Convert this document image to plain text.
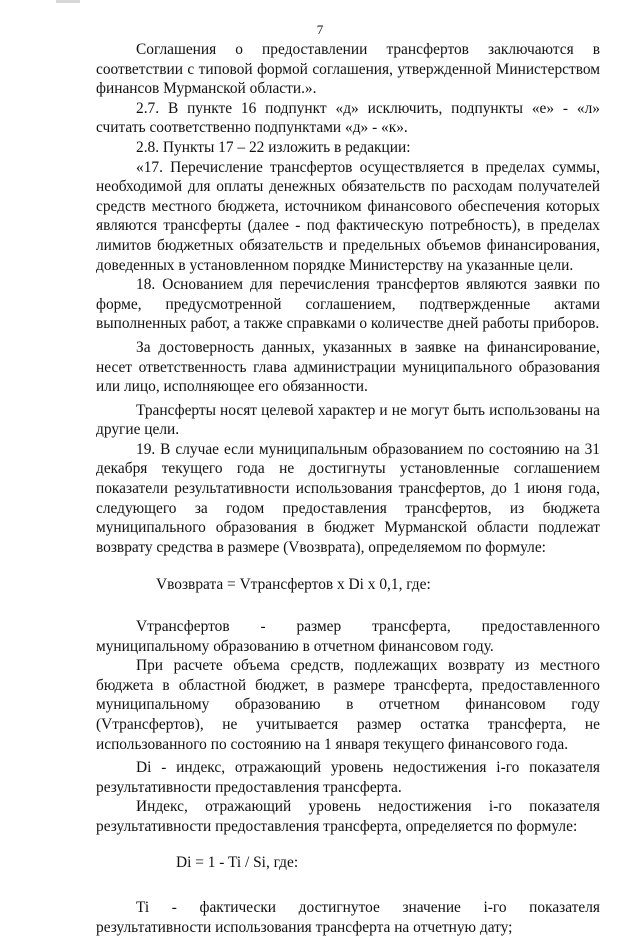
7

Соглашения о предоставлении трансфертов заключаются в соответствии с типовой формой соглашения, утвержденной Министерством финансов Мурманской области.».

2.7. В пункте 16 подпункт «д» исключить, подпункты «е» - «л» считать соответственно подпунктами «д» - «к».

2.8. Пункты 17 – 22 изложить в редакции:

«17. Перечисление трансфертов осуществляется в пределах суммы, необходимой для оплаты денежных обязательств по расходам получателей средств местного бюджета, источником финансового обеспечения которых являются трансферты (далее - под фактическую потребность), в пределах лимитов бюджетных обязательств и предельных объемов финансирования, доведенных в установленном порядке Министерству на указанные цели.

18. Основанием для перечисления трансфертов являются заявки по форме, предусмотренной соглашением, подтвержденные актами выполненных работ, а также справками о количестве дней работы приборов.

За достоверность данных, указанных в заявке на финансирование, несет ответственность глава администрации муниципального образования или лицо, исполняющее его обязанности.

Трансферты носят целевой характер и не могут быть использованы на другие цели.

19. В случае если муниципальным образованием по состоянию на 31 декабря текущего года не достигнуты установленные соглашением показатели результативности использования трансфертов, до 1 июня года, следующего за годом предоставления трансфертов, из бюджета муниципального образования в бюджет Мурманской области подлежат возврату средства в размере (Vвозврата), определяемом по формуле:

Vвозврата = Vтрансфертов х Di х 0,1, где:

Vтрансфертов - размер трансферта, предоставленного муниципальному образованию в отчетном финансовом году.

При расчете объема средств, подлежащих возврату из местного бюджета в областной бюджет, в размере трансферта, предоставленного муниципальному образованию в отчетном финансовом году (Vтрансфертов), не учитывается размер остатка трансферта, не использованного по состоянию на 1 января текущего финансового года.

Di - индекс, отражающий уровень недостижения i-го показателя результативности предоставления трансферта.

Индекс, отражающий уровень недостижения i-го показателя результативности предоставления трансферта, определяется по формуле:

Di = 1 - Ti / Si, где:

Ti - фактически достигнутое значение i-го показателя результативности использования трансферта на отчетную дату;
